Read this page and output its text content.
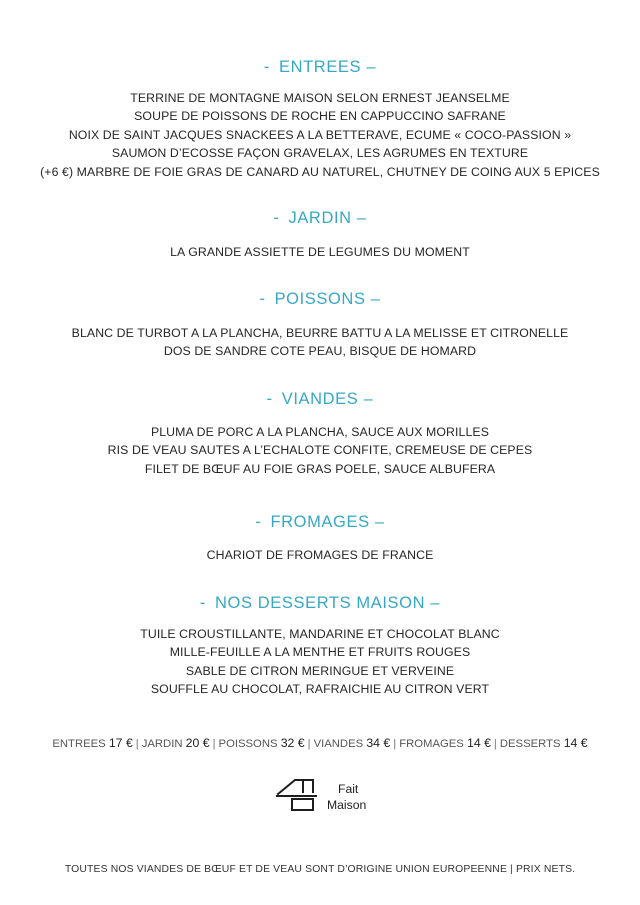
- ENTREES –
TERRINE DE MONTAGNE MAISON SELON ERNEST JEANSELME
SOUPE DE POISSONS DE ROCHE EN CAPPUCCINO SAFRANE
NOIX DE SAINT JACQUES SNACKEES A LA BETTERAVE, ECUME « COCO-PASSION »
SAUMON D’ECOSSE FAÇON GRAVELAX, LES AGRUMES EN TEXTURE
(+6 €) MARBRE DE FOIE GRAS DE CANARD AU NATUREL, CHUTNEY DE COING AUX 5 EPICES
- JARDIN –
LA GRANDE ASSIETTE DE LEGUMES DU MOMENT
- POISSONS –
BLANC DE TURBOT A LA PLANCHA, BEURRE BATTU A LA MELISSE ET CITRONELLE
DOS DE SANDRE COTE PEAU, BISQUE DE HOMARD
- VIANDES –
PLUMA DE PORC A LA PLANCHA, SAUCE AUX MORILLES
RIS DE VEAU SAUTES A L’ECHALOTE CONFITE, CREMEUSE DE CEPES
FILET DE BŒUF AU FOIE GRAS POELE, SAUCE ALBUFERA
- FROMAGES –
CHARIOT DE FROMAGES DE FRANCE
- NOS DESSERTS MAISON –
TUILE CROUSTILLANTE, MANDARINE ET CHOCOLAT BLANC
MILLE-FEUILLE A LA MENTHE ET FRUITS ROUGES
SABLE DE CITRON MERINGUE ET VERVEINE
SOUFFLE AU CHOCOLAT, RAFRAICHIE AU CITRON VERT
ENTREES 17 € | JARDIN 20 € | POISSONS 32 € | VIANDES 34 € | FROMAGES 14 € | DESSERTS 14 €
Fait
Maison
TOUTES NOS VIANDES DE BŒUF ET DE VEAU SONT D’ORIGINE UNION EUROPEENNE | PRIX NETS.
